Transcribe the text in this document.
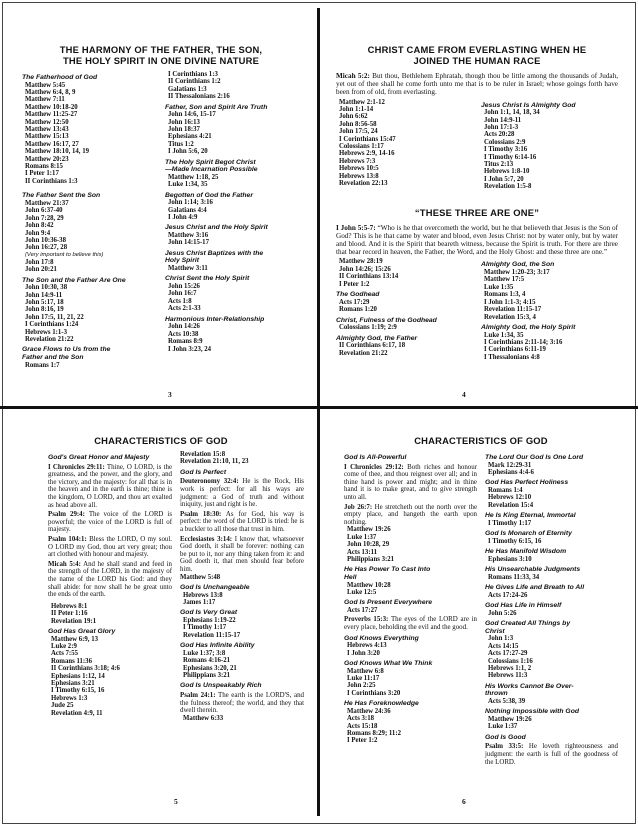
THE HARMONY OF THE FATHER, THE SON,
THE HOLY SPIRIT IN ONE DIVINE NATURE
The Fatherhood of God
Matthew 5:45
Matthew 6:4, 8, 9
Matthew 7:11
Matthew 10:18-20
Matthew 11:25-27
Matthew 12:50
Matthew 13:43
Matthew 15:13
Matthew 16:17, 27
Matthew 18:10, 14, 19
Matthew 20:23
Romans 8:15
I Peter 1:17
II Corinthians 1:3
The Father Sent the Son
Matthew 21:37
John 6:37-40
John 7:28, 29
John 8:42
John 9:4
John 10:36-38
John 16:27, 28
(Very important to believe this)
John 17:8
John 20:21
The Son and the Father Are One
John 10:30, 38
John 14:9-11
John 5:17, 18
John 8:16, 19
John 17:5, 11, 21, 22
I Corinthians 1:24
Hebrews 1:1-3
Revelation 21:22
Grace Flows to Us from the
Father and the Son
Romans 1:7
I Corinthians 1:3
II Corinthians 1:2
Galatians 1:3
II Thessalonians 2:16
Father, Son and Spirit Are Truth
John 14:6, 15-17
John 16:13
John 18:37
Ephesians 4:21
Titus 1:2
I John 5:6, 20
The Holy Spirit Begot Christ
—Made Incarnation Possible
Matthew 1:18, 25
Luke 1:34, 35
Begotten of God the Father
John 1:14; 3:16
Galatians 4:4
I John 4:9
Jesus Christ and the Holy Spirit
Matthew 3:16
John 14:15-17
Jesus Christ Baptizes with the
Holy Spirit
Matthew 3:11
Christ Sent the Holy Spirit
John 15:26
John 16:7
Acts 1:8
Acts 2:1-33
Harmonious Inter-Relationship
John 14:26
Acts 10:38
Romans 8:9
I John 3:23, 24
3
CHRIST CAME FROM EVERLASTING WHEN HE
JOINED THE HUMAN RACE
Micah 5:2: But thou, Bethlehem Ephratah, though thou be little among the thousands of Judah, yet out of thee shall he come forth unto me that is to be ruler in Israel; whose goings forth have been from of old, from everlasting.
Matthew 2:1-12
John 1:1-14
John 6:62
John 8:56-58
John 17:5, 24
I Corinthians 15:47
Colossians 1:17
Hebrews 2:9, 14-16
Hebrews 7:3
Hebrews 10:5
Hebrews 13:8
Revelation 22:13
Jesus Christ Is Almighty God
John 1:1, 14, 18, 34
John 14:9-11
John 17:1-3
Acts 20:28
Colossians 2:9
I Timothy 3:16
I Timothy 6:14-16
Titus 2:13
Hebrews 1:8-10
I John 5:7, 20
Revelation 1:5-8
“THESE THREE ARE ONE”
I John 5:5-7: “Who is he that overcometh the world, but he that believeth that Jesus is the Son of God? This is he that came by water and blood, even Jesus Christ: not by water only, but by water and blood. And it is the Spirit that beareth witness, because the Spirit is truth. For there are three that bear record in heaven, the Father, the Word, and the Holy Ghost: and these three are one.”
Matthew 28:19
John 14:26; 15:26
II Corinthians 13:14
I Peter 1:2
The Godhead
Acts 17:29
Romans 1:20
Christ, Fulness of the Godhead
Colossians 1:19; 2:9
Almighty God, the Father
II Corinthians 6:17, 18
Revelation 21:22
Almighty God, the Son
Matthew 1:20-23; 3:17
Matthew 17:5
Luke 1:35
Romans 1:3, 4
I John 1:1-3; 4:15
Revelation 11:15-17
Revelation 15:3, 4
Almighty God, the Holy Spirit
Luke 1:34, 35
I Corinthians 2:11-14; 3:16
I Corinthians 6:11-19
I Thessalonians 4:8
4
CHARACTERISTICS OF GOD
God's Great Honor and Majesty
I Chronicles 29:11: Thine, O LORD, is the greatness, and the power, and the glory, and the victory, and the majesty: for all that is in the heaven and in the earth is thine; thine is the kingdom, O LORD, and thou art exalted as head above all.
Psalm 29:4: The voice of the LORD is powerful; the voice of the LORD is full of majesty.
Psalm 104:1: Bless the LORD, O my soul. O LORD my God, thou art very great; thou art clothed with honour and majesty.
Micah 5:4: And he shall stand and feed in the strength of the LORD, in the majesty of the name of the LORD his God: and they shall abide: for now shall he be great unto the ends of the earth.
Hebrews 8:1
II Peter 1:16
Revelation 19:1
God Has Great Glory
Matthew 6:9, 13
Luke 2:9
Acts 7:55
Romans 11:36
II Corinthians 3:18; 4:6
Ephesians 1:12, 14
Ephesians 3:21
I Timothy 6:15, 16
Hebrews 1:3
Jude 25
Revelation 4:9, 11
Revelation 15:8
Revelation 21:10, 11, 23
God Is Perfect
Deuteronomy 32:4: He is the Rock, His work is perfect: for all his ways are judgment: a God of truth and without iniquity, just and right is he.
Psalm 18:30: As for God, his way is perfect: the word of the LORD is tried: he is a buckler to all those that trust in him.
Ecclesiastes 3:14: I know that, whatsoever God doeth, it shall be forever: nothing can be put to it, nor any thing taken from it: and God doeth it, that men should fear before him.
Matthew 5:48
God Is Unchangeable
Hebrews 13:8
James 1:17
God Is Very Great
Ephesians 1:19-22
I Timothy 1:17
Revelation 11:15-17
God Has Infinite Ability
Luke 1:37; 3:8
Romans 4:16-21
Ephesians 3:20, 21
Philippians 3:21
God Is Unspeakably Rich
Psalm 24:1: The earth is the LORD'S, and the fulness thereof; the world, and they that dwell therein.
Matthew 6:33
5
CHARACTERISTICS OF GOD
God Is All-Powerful
I Chronicles 29:12: Both riches and honour come of thee, and thou reignest over all; and in thine hand is power and might; and in thine hand it is to make great, and to give strength unto all.
Job 26:7: He stretcheth out the north over the empty place, and hangeth the earth upon nothing.
Matthew 19:26
Luke 1:37
John 10:28, 29
Acts 13:11
Philippians 3:21
He Has Power To Cast Into
Hell
Matthew 10:28
Luke 12:5
God Is Present Everywhere
Acts 17:27
Proverbs 15:3: The eyes of the LORD are in every place, beholding the evil and the good.
God Knows Everything
Hebrews 4:13
I John 3:20
God Knows What We Think
Matthew 6:8
Luke 11:17
John 2:25
I Corinthians 3:20
He Has Foreknowledge
Matthew 24:36
Acts 3:18
Acts 15:18
Romans 8:29; 11:2
I Peter 1:2
The Lord Our God Is One Lord
Mark 12:29-31
Ephesians 4:4-6
God Has Perfect Holiness
Romans 1:4
Hebrews 12:10
Revelation 15:4
He Is King Eternal, Immortal
I Timothy 1:17
God Is Monarch of Eternity
I Timothy 6:15, 16
He Has Manifold Wisdom
Ephesians 3:10
His Unsearchable Judgments
Romans 11:33, 34
He Gives Life and Breath to All
Acts 17:24-26
God Has Life in Himself
John 5:26
God Created All Things by
Christ
John 1:3
Acts 14:15
Acts 17:27-29
Colossians 1:16
Hebrews 1:1, 2
Hebrews 11:3
His Works Cannot Be Over-
thrown
Acts 5:38, 39
Nothing Impossible with God
Matthew 19:26
Luke 1:37
God Is Good
Psalm 33:5: He loveth righteousness and judgment: the earth is full of the goodness of the LORD.
6
